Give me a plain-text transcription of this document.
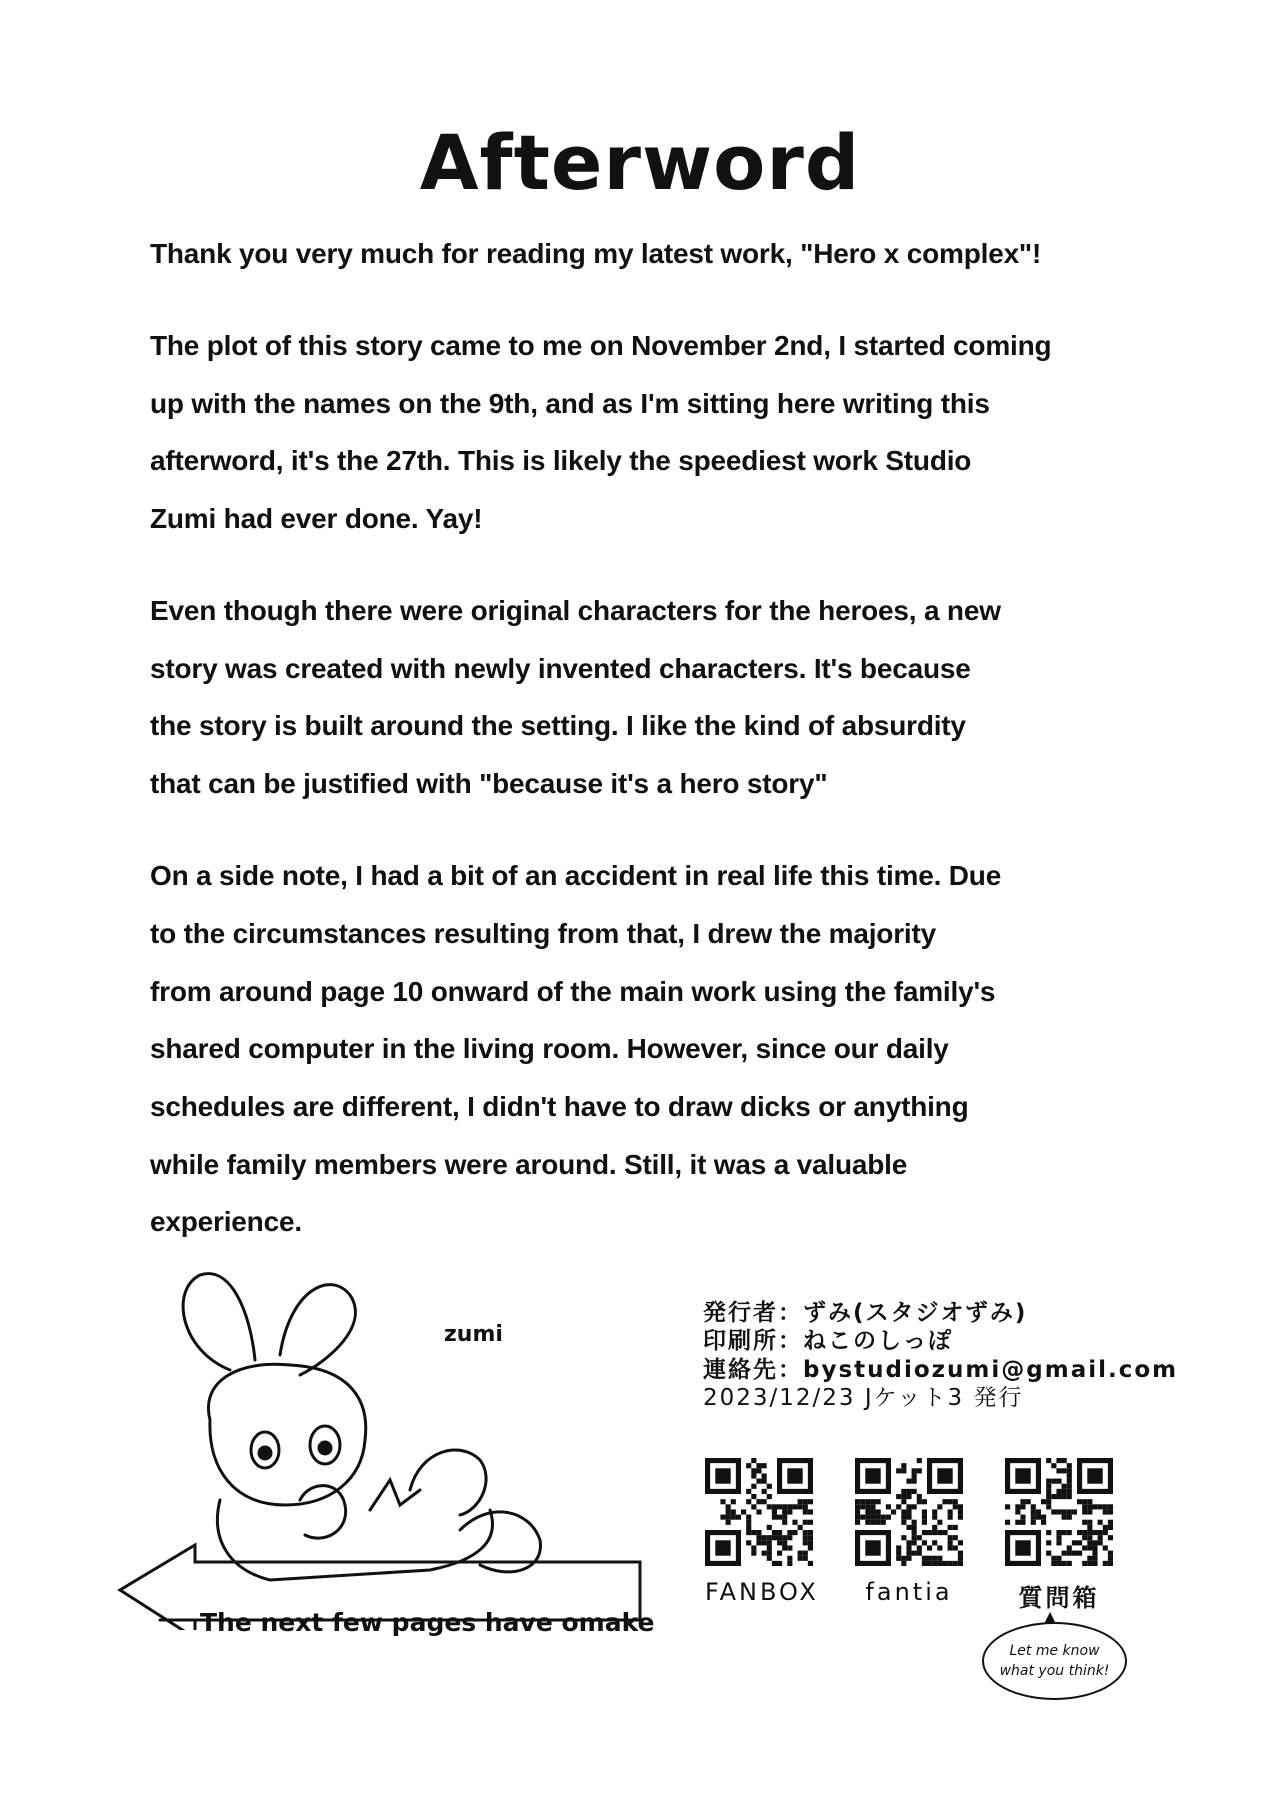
Afterword
Thank you very much for reading my latest work, "Hero x complex"!
The plot of this story came to me on November 2nd, I started coming
up with the names on the 9th, and as I'm sitting here writing this
afterword, it's the 27th. This is likely the speediest work Studio
Zumi had ever done. Yay!
Even though there were original characters for the heroes, a new
story was created with newly invented characters. It's because
the story is built around the setting. I like the kind of absurdity
that can be justified with "because it's a hero story"
On a side note, I had a bit of an accident in real life this time. Due
to the circumstances resulting from that, I drew the majority
from around page 10 onward of the main work using the family's
shared computer in the living room. However, since our daily
schedules are different, I didn't have to draw dicks or anything
while family members were around. Still, it was a valuable
experience.
zumi
The next few pages have omake
発行者：ずみ(スタジオずみ)
印刷所：ねこのしっぽ
連絡先：bystudiozumi@gmail.com
2023/12/23 Jケット3 発行
FANBOX	fantia	質問箱
Let me know
what you think!
